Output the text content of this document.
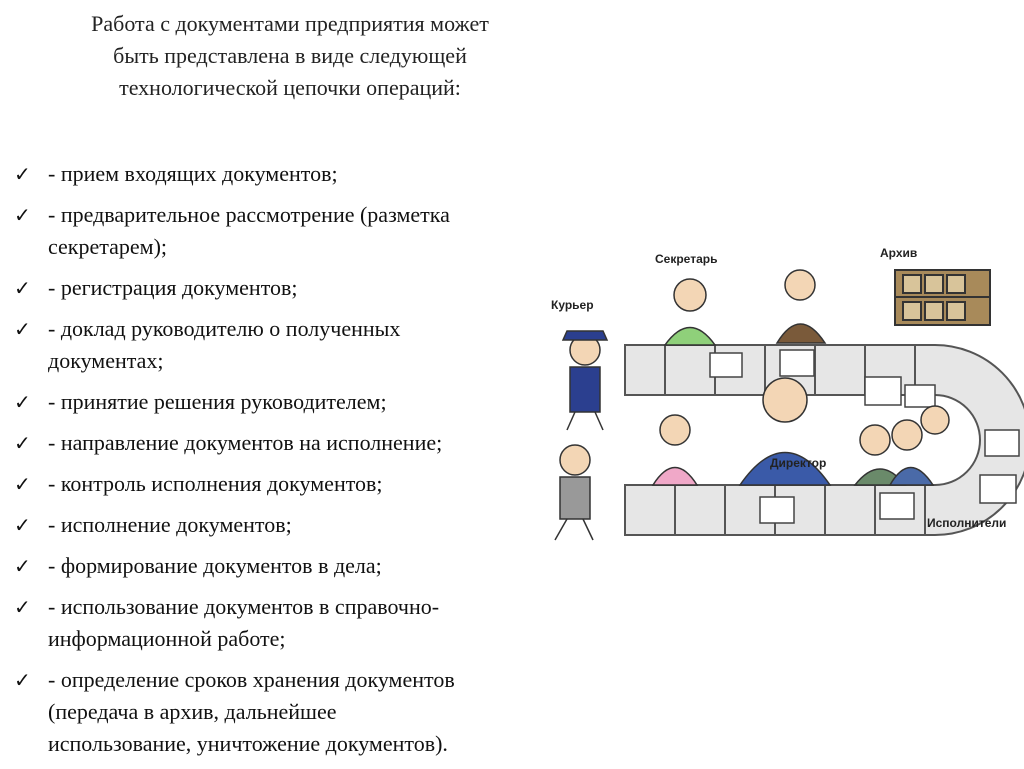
Работа с документами предприятия может
быть представлена в виде следующей
технологической цепочки операций:
✓ - прием входящих документов;
✓ - предварительное рассмотрение (разметка
секретарем);
✓ - регистрация документов;
✓ - доклад руководителю о полученных
документах;
✓ - принятие решения руководителем;
✓ - направление документов на исполнение;
✓ - контроль исполнения документов;
✓ - исполнение документов;
✓ - формирование документов в дела;
✓ - использование документов в справочно-
информационной работе;
✓ - определение сроков хранения документов
(передача в архив, дальнейшее
использование, уничтожение документов).
Секретарь	Архив
Курьер
Директор
Исполнители
